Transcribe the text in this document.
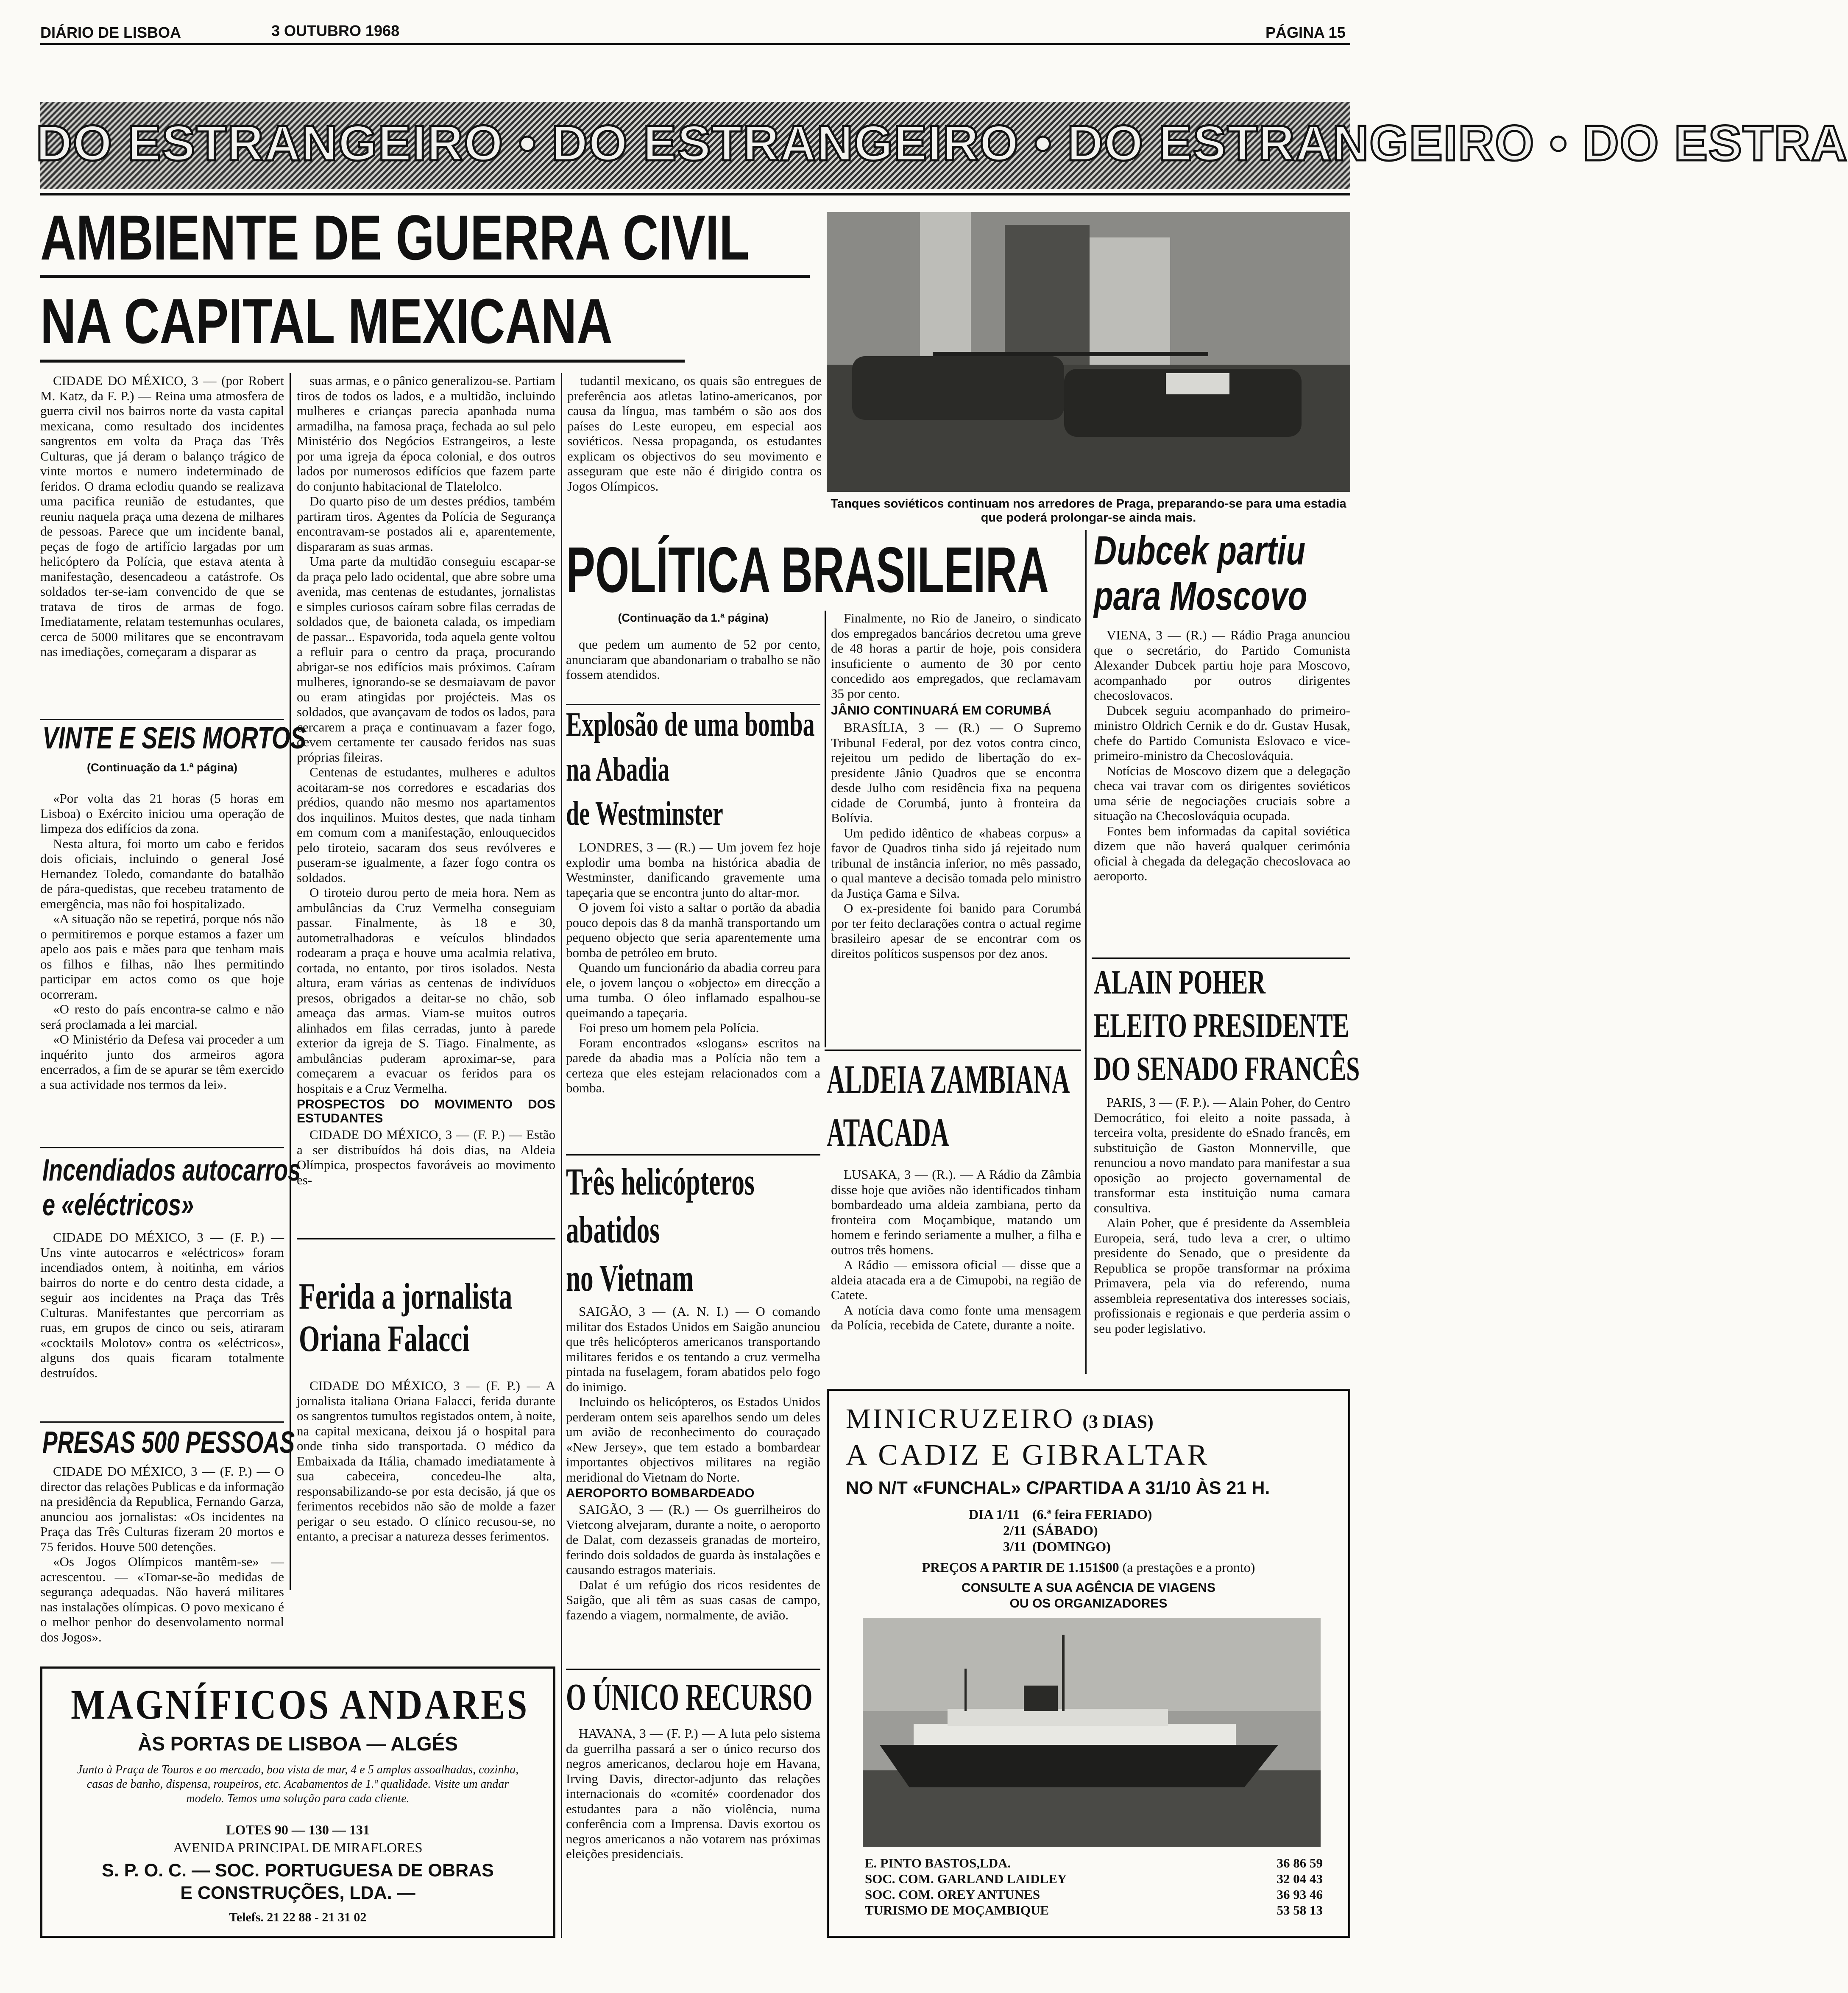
DIÁRIO DE LISBOA	3 OUTUBRO 1968	PÁGINA 15
DO ESTRANGEIRO • DO ESTRANGEIRO • DO ESTRANGEIRO • DO ESTRA
AMBIENTE DE GUERRA CIVIL
NA CAPITAL MEXICANA
Tanques soviéticos continuam nos arredores de Praga, preparando-se para uma estadia que poderá prolongar-se ainda mais.

CIDADE DO MÉXICO, 3 — (por Robert M. Katz, da F. P.) — Reina uma atmosfera de guerra civil nos bairros norte da vasta capital mexicana, como resultado dos incidentes sangrentos em volta da Praça das Três Culturas, que já deram o balanço trágico de vinte mortos e numero indeterminado de feridos. O drama eclodiu quando se realizava uma pacifica reunião de estudantes, que reuniu naquela praça uma dezena de milhares de pessoas. Parece que um incidente banal, peças de fogo de artifício largadas por um helicóptero da Polícia, que estava atenta à manifestação, desencadeou a catástrofe. Os soldados ter-se-iam convencido de que se tratava de tiros de armas de fogo. Imediatamente, relatam testemunhas oculares, cerca de 5000 militares que se encontravam nas imediações, começaram a disparar as

suas armas, e o pânico generalizou-se. Partiam tiros de todos os lados, e a multidão, incluindo mulheres e crianças parecia apanhada numa armadilha, na famosa praça, fechada ao sul pelo Ministério dos Negócios Estrangeiros, a leste por uma igreja da época colonial, e dos outros lados por numerosos edifícios que fazem parte do conjunto habitacional de Tlatelolco.

Do quarto piso de um destes prédios, também partiram tiros. Agentes da Polícia de Segurança encontravam-se postados ali e, aparentemente, dispararam as suas armas.

Uma parte da multidão conseguiu escapar-se da praça pelo lado ocidental, que abre sobre uma avenida, mas centenas de estudantes, jornalistas e simples curiosos caíram sobre filas cerradas de soldados que, de baioneta calada, os impediam de passar... Espavorida, toda aquela gente voltou a refluir para o centro da praça, procurando abrigar-se nos edifícios mais próximos. Caíram mulheres, ignorando-se se desmaiavam de pavor ou eram atingidas por projécteis. Mas os soldados, que avançavam de todos os lados, para cercarem a praça e continuavam a fazer fogo, devem certamente ter causado feridos nas suas próprias fileiras.

Centenas de estudantes, mulheres e adultos acoitaram-se nos corredores e escadarias dos prédios, quando não mesmo nos apartamentos dos inquilinos. Muitos destes, que nada tinham em comum com a manifestação, enlouquecidos pelo tiroteio, sacaram dos seus revólveres e puseram-se igualmente, a fazer fogo contra os soldados.

O tiroteio durou perto de meia hora. Nem as ambulâncias da Cruz Vermelha conseguiam passar. Finalmente, às 18 e 30, autometralhadoras e veículos blindados rodearam a praça e houve uma acalmia relativa, cortada, no entanto, por tiros isolados. Nesta altura, eram várias as centenas de indivíduos presos, obrigados a deitar-se no chão, sob ameaça das armas. Viam-se muitos outros alinhados em filas cerradas, junto à parede exterior da igreja de S. Tiago. Finalmente, as ambulâncias puderam aproximar-se, para começarem a evacuar os feridos para os hospitais e a Cruz Vermelha.

PROSPECTOS DO MOVIMENTO DOS ESTUDANTES

CIDADE DO MÉXICO, 3 — (F. P.) — Estão a ser distribuídos há dois dias, na Aldeia Olímpica, prospectos favoráveis ao movimento es-

tudantil mexicano, os quais são entregues de preferência aos atletas latino-americanos, por causa da língua, mas também o são aos dos países do Leste europeu, em especial aos soviéticos. Nessa propaganda, os estudantes explicam os objectivos do seu movimento e asseguram que este não é dirigido contra os Jogos Olímpicos.

VINTE E SEIS MORTOS
(Continuação da 1.ª página)

«Por volta das 21 horas (5 horas em Lisboa) o Exército iniciou uma operação de limpeza dos edifícios da zona.

Nesta altura, foi morto um cabo e feridos dois oficiais, incluindo o general José Hernandez Toledo, comandante do batalhão de pára-quedistas, que recebeu tratamento de emergência, mas não foi hospitalizado.

«A situação não se repetirá, porque nós não o permitiremos e porque estamos a fazer um apelo aos pais e mães para que tenham mais os filhos e filhas, não lhes permitindo participar em actos como os que hoje ocorreram.

«O resto do país encontra-se calmo e não será proclamada a lei marcial.

«O Ministério da Defesa vai proceder a um inquérito junto dos armeiros agora encerrados, a fim de se apurar se têm exercido a sua actividade nos termos da lei».

Incendiados autocarros
e «eléctricos»

CIDADE DO MÉXICO, 3 — (F. P.) — Uns vinte autocarros e «eléctricos» foram incendiados ontem, à noitinha, em vários bairros do norte e do centro desta cidade, a seguir aos incidentes na Praça das Três Culturas. Manifestantes que percorriam as ruas, em grupos de cinco ou seis, atiraram «cocktails Molotov» contra os «eléctricos», alguns dos quais ficaram totalmente destruídos.

PRESAS 500 PESSOAS

CIDADE DO MÉXICO, 3 — (F. P.) — O director das relações Publicas e da informação na presidência da Republica, Fernando Garza, anunciou aos jornalistas: «Os incidentes na Praça das Três Culturas fizeram 20 mortos e 75 feridos. Houve 500 detenções.

«Os Jogos Olímpicos mantêm-se» — acrescentou. — «Tomar-se-ão medidas de segurança adequadas. Não haverá militares nas instalações olímpicas. O povo mexicano é o melhor penhor do desenvolamento normal dos Jogos».

Ferida a jornalista
Oriana Falacci

CIDADE DO MÉXICO, 3 — (F. P.) — A jornalista italiana Oriana Falacci, ferida durante os sangrentos tumultos registados ontem, à noite, na capital mexicana, deixou já o hospital para onde tinha sido transportada. O médico da Embaixada da Itália, chamado imediatamente à sua cabeceira, concedeu-lhe alta, responsabilizando-se por esta decisão, já que os ferimentos recebidos não são de molde a fazer perigar o seu estado. O clínico recusou-se, no entanto, a precisar a natureza desses ferimentos.

MAGNÍFICOS ANDARES
ÀS PORTAS DE LISBOA — ALGÉS
Junto à Praça de Touros e ao mercado, boa vista de mar, 4 e 5 amplas assoalhadas, cozinha, casas de banho, dispensa, roupeiros, etc. Acabamentos de 1.ª qualidade. Visite um andar modelo. Temos uma solução para cada cliente.
LOTES 90 — 130 — 131
AVENIDA PRINCIPAL DE MIRAFLORES
S. P. O. C. — SOC. PORTUGUESA DE OBRAS
E CONSTRUÇÕES, LDA. —
Telefs. 21 22 88 - 21 31 02
POLÍTICA BRASILEIRA
(Continuação da 1.ª página)

que pedem um aumento de 52 por cento, anunciaram que abandonariam o trabalho se não fossem atendidos.

Finalmente, no Rio de Janeiro, o sindicato dos empregados bancários decretou uma greve de 48 horas a partir de hoje, pois considera insuficiente o aumento de 30 por cento concedido aos empregados, que reclamavam 35 por cento.

JÂNIO CONTINUARÁ EM CORUMBÁ

BRASÍLIA, 3 — (R.) — O Supremo Tribunal Federal, por dez votos contra cinco, rejeitou um pedido de libertação do ex-presidente Jânio Quadros que se encontra desde Julho com residência fixa na pequena cidade de Corumbá, junto à fronteira da Bolívia.

Um pedido idêntico de «habeas corpus» a favor de Quadros tinha sido já rejeitado num tribunal de instância inferior, no mês passado, o qual manteve a decisão tomada pelo ministro da Justiça Gama e Silva.

O ex-presidente foi banido para Corumbá por ter feito declarações contra o actual regime brasileiro apesar de se encontrar com os direitos políticos suspensos por dez anos.

Explosão de uma bomba
na Abadia
de Westminster

LONDRES, 3 — (R.) — Um jovem fez hoje explodir uma bomba na histórica abadia de Westminster, danificando gravemente uma tapeçaria que se encontra junto do altar-mor.

O jovem foi visto a saltar o portão da abadia pouco depois das 8 da manhã transportando um pequeno objecto que seria aparentemente uma bomba de petróleo em bruto.

Quando um funcionário da abadia correu para ele, o jovem lançou o «objecto» em direcção a uma tumba. O óleo inflamado espalhou-se queimando a tapeçaria.

Foi preso um homem pela Polícia.

Foram encontrados «slogans» escritos na parede da abadia mas a Polícia não tem a certeza que eles estejam relacionados com a bomba.

Três helicópteros
abatidos
no Vietnam

SAIGÃO, 3 — (A. N. I.) — O comando militar dos Estados Unidos em Saigão anunciou que três helicópteros americanos transportando militares feridos e os tentando a cruz vermelha pintada na fuselagem, foram abatidos pelo fogo do inimigo.

Incluindo os helicópteros, os Estados Unidos perderam ontem seis aparelhos sendo um deles um avião de reconhecimento do couraçado «New Jersey», que tem estado a bombardear importantes objectivos militares na região meridional do Vietnam do Norte.

AEROPORTO BOMBARDEADO

SAIGÃO, 3 — (R.) — Os guerrilheiros do Vietcong alvejaram, durante a noite, o aeroporto de Dalat, com dezasseis granadas de morteiro, ferindo dois soldados de guarda às instalações e causando estragos materiais.

Dalat é um refúgio dos ricos residentes de Saigão, que ali têm as suas casas de campo, fazendo a viagem, normalmente, de avião.

O ÚNICO RECURSO

HAVANA, 3 — (F. P.) — A luta pelo sistema da guerrilha passará a ser o único recurso dos negros americanos, declarou hoje em Havana, Irving Davis, director-adjunto das relações internacionais do «comité» coordenador dos estudantes para a não violência, numa conferência com a Imprensa. Davis exortou os negros americanos a não votarem nas próximas eleições presidenciais.

ALDEIA ZAMBIANA
ATACADA

LUSAKA, 3 — (R.). — A Rádio da Zâmbia disse hoje que aviões não identificados tinham bombardeado uma aldeia zambiana, perto da fronteira com Moçambique, matando um homem e ferindo seriamente a mulher, a filha e outros três homens.

A Rádio — emissora oficial — disse que a aldeia atacada era a de Cimupobi, na região de Catete.

A notícia dava como fonte uma mensagem da Polícia, recebida de Catete, durante a noite.

Dubcek partiu
para Moscovo

VIENA, 3 — (R.) — Rádio Praga anunciou que o secretário, do Partido Comunista Alexander Dubcek partiu hoje para Moscovo, acompanhado por outros dirigentes checoslovacos.

Dubcek seguiu acompanhado do primeiro-ministro Oldrich Cernik e do dr. Gustav Husak, chefe do Partido Comunista Eslovaco e vice-primeiro-ministro da Checoslováquia.

Notícias de Moscovo dizem que a delegação checa vai travar com os dirigentes soviéticos uma série de negociações cruciais sobre a situação na Checoslováquia ocupada.

Fontes bem informadas da capital soviética dizem que não haverá qualquer cerimónia oficial à chegada da delegação checoslovaca ao aeroporto.

ALAIN POHER
ELEITO PRESIDENTE
DO SENADO FRANCÊS

PARIS, 3 — (F. P.). — Alain Poher, do Centro Democrático, foi eleito a noite passada, à terceira volta, presidente do eSnado francês, em substituição de Gaston Monnerville, que renunciou a novo mandato para manifestar a sua oposição ao projecto governamental de transformar esta instituição numa camara consultiva.

Alain Poher, que é presidente da Assembleia Europeia, será, tudo leva a crer, o ultimo presidente do Senado, que o presidente da Republica se propõe transformar na próxima Primavera, pela via do referendo, numa assembleia representativa dos interesses sociais, profissionais e regionais e que perderia assim o seu poder legislativo.

MINICRUZEIRO (3 DIAS)
A CADIZ E GIBRALTAR
NO N/T «FUNCHAL» C/PARTIDA A 31/10 ÀS 21 H.
DIA 1/11 (6.ª feira FERIADO)
2/11 (SÁBADO)
3/11 (DOMINGO)
PREÇOS A PARTIR DE 1.151$00 (a prestações e a pronto)
CONSULTE A SUA AGÊNCIA DE VIAGENS
OU OS ORGANIZADORES
E. PINTO BASTOS,LDA.	36 86 59
SOC. COM. GARLAND LAIDLEY	32 04 43
SOC. COM. OREY ANTUNES	36 93 46
TURISMO DE MOÇAMBIQUE	53 58 13
